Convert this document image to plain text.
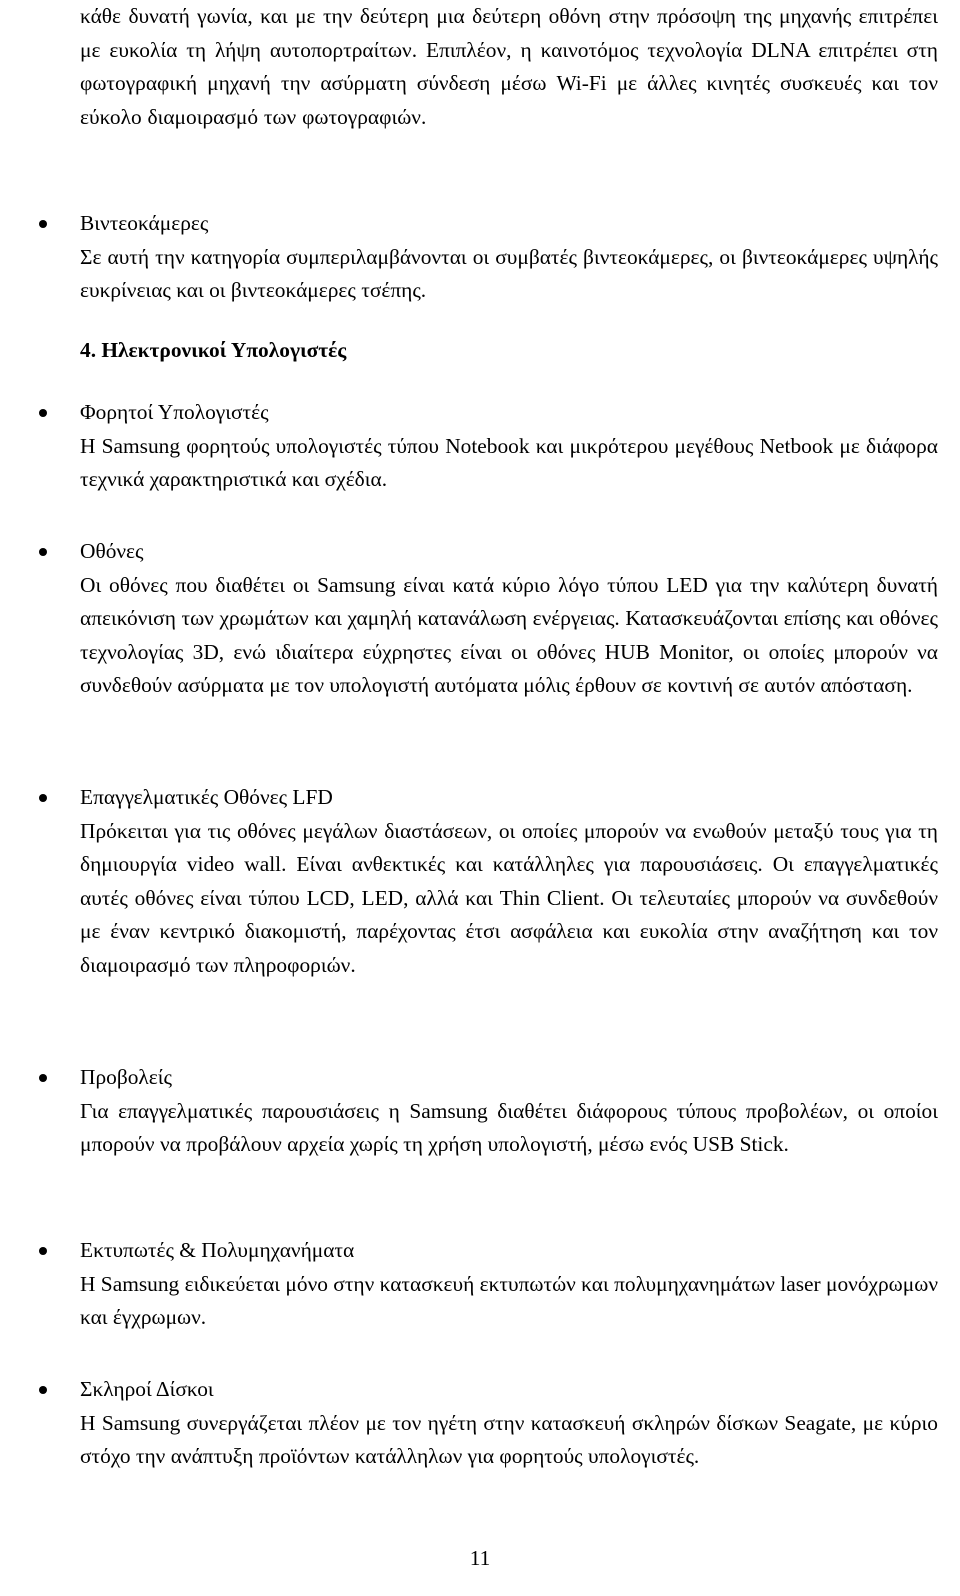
κάθε δυνατή γωνία, και με την δεύτερη μια δεύτερη οθόνη στην πρόσοψη της μηχανής επιτρέπει με ευκολία τη λήψη αυτοπορτραίτων. Επιπλέον, η καινοτόμος τεχνολογία DLNA επιτρέπει στη φωτογραφική μηχανή την ασύρματη σύνδεση μέσω Wi-Fi με άλλες κινητές συσκευές και τον εύκολο διαμοιρασμό των φωτογραφιών.

Βιντεοκάμερες
Σε αυτή την κατηγορία συμπεριλαμβάνονται οι συμβατές βιντεοκάμερες, οι βιντεοκάμερες υψηλής ευκρίνειας και οι βιντεοκάμερες τσέπης.

4. Ηλεκτρονικοί Υπολογιστές

Φορητοί Υπολογιστές
Η Samsung φορητούς υπολογιστές τύπου Notebook και μικρότερου μεγέθους Netbook με διάφορα τεχνικά χαρακτηριστικά και σχέδια.

Οθόνες
Οι οθόνες που διαθέτει οι Samsung είναι κατά κύριο λόγο τύπου LED για την καλύτερη δυνατή απεικόνιση των χρωμάτων και χαμηλή κατανάλωση ενέργειας. Κατασκευάζονται επίσης και οθόνες τεχνολογίας 3D, ενώ ιδιαίτερα εύχρηστες είναι οι οθόνες HUB Monitor, οι οποίες μπορούν να συνδεθούν ασύρματα με τον υπολογιστή αυτόματα μόλις έρθουν σε κοντινή σε αυτόν απόσταση.

Επαγγελματικές Οθόνες LFD
Πρόκειται για τις οθόνες μεγάλων διαστάσεων, οι οποίες μπορούν να ενωθούν μεταξύ τους για τη δημιουργία video wall. Είναι ανθεκτικές και κατάλληλες για παρουσιάσεις. Οι επαγγελματικές αυτές οθόνες είναι τύπου LCD, LED, αλλά και Thin Client. Οι τελευταίες μπορούν να συνδεθούν με έναν κεντρικό διακομιστή, παρέχοντας έτσι ασφάλεια και ευκολία στην αναζήτηση και τον διαμοιρασμό των πληροφοριών.

Προβολείς
Για επαγγελματικές παρουσιάσεις η Samsung διαθέτει διάφορους τύπους προβολέων, οι οποίοι μπορούν να προβάλουν αρχεία χωρίς τη χρήση υπολογιστή, μέσω ενός USB Stick.

Εκτυπωτές & Πολυμηχανήματα
Η Samsung ειδικεύεται μόνο στην κατασκευή εκτυπωτών και πολυμηχανημάτων laser μονόχρωμων και έγχρωμων.

Σκληροί Δίσκοι
Η Samsung συνεργάζεται πλέον με τον ηγέτη στην κατασκευή σκληρών δίσκων Seagate, με κύριο στόχο την ανάπτυξη προϊόντων κατάλληλων για φορητούς υπολογιστές.

11
